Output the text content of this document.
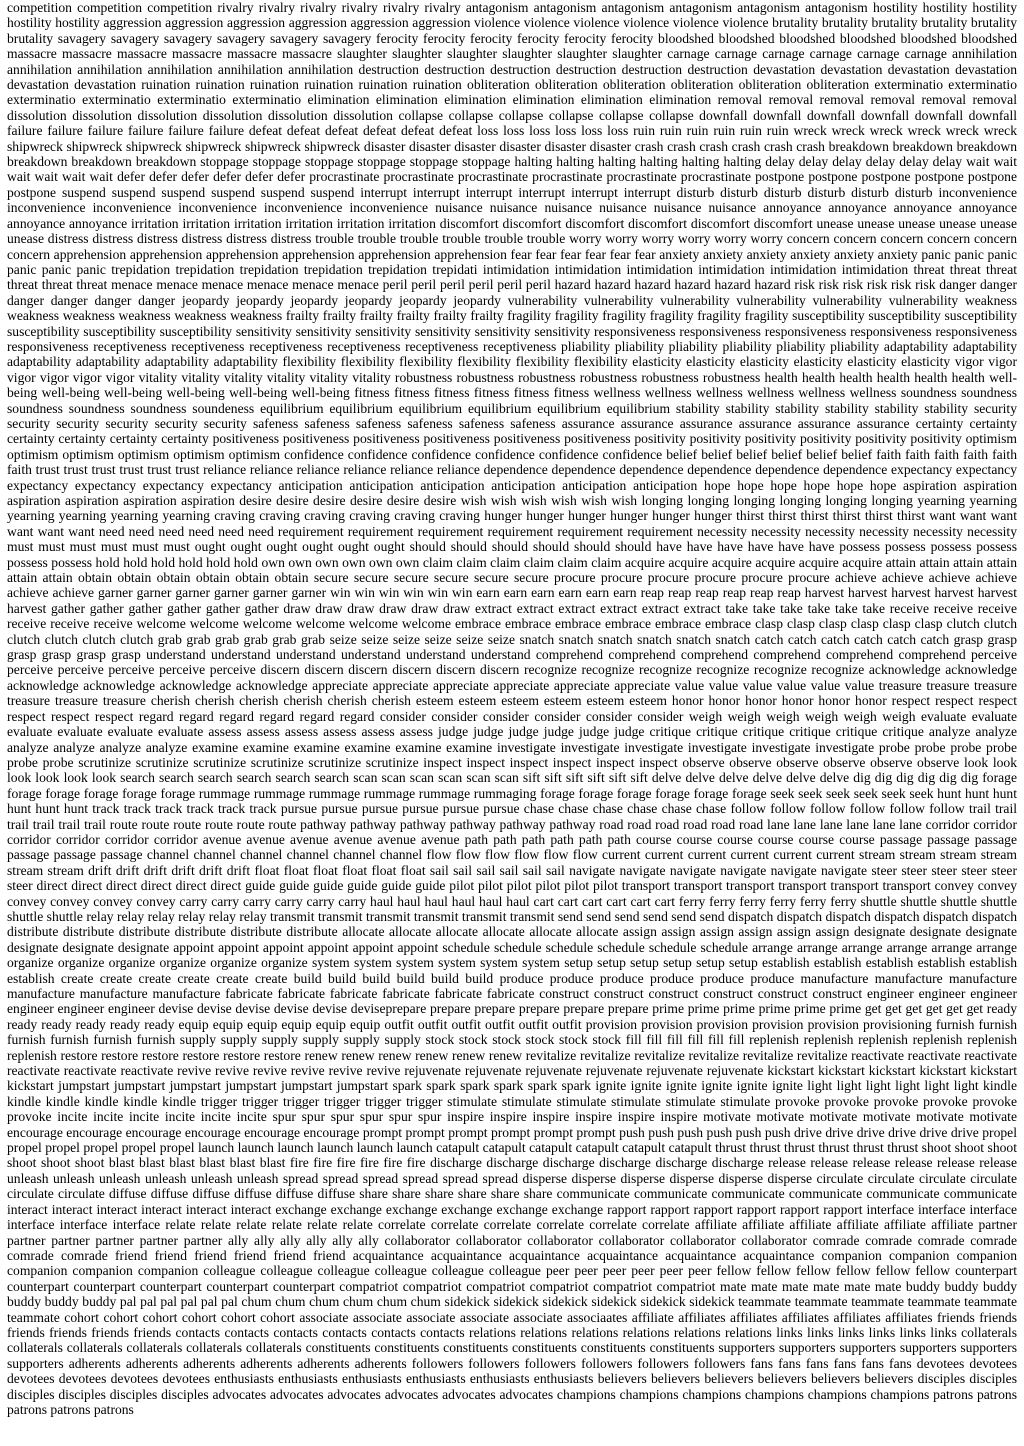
competition competition competition rivalry rivalry rivalry rivalry rivalry rivalry antagonism antagonism antagonism antagonism antagonism antagonism hostility hostility hostility hostility hostility aggression aggression aggression aggression aggression aggression violence violence violence violence violence violence brutality brutality brutality brutality brutality brutality savagery savagery savagery savagery savagery savagery ferocity ferocity ferocity ferocity ferocity ferocity bloodshed bloodshed bloodshed bloodshed bloodshed bloodshed massacre massacre massacre massacre massacre massacre slaughter slaughter slaughter slaughter slaughter slaughter carnage carnage carnage carnage carnage carnage annihilation annihilation annihilation annihilation annihilation annihilation destruction destruction destruction destruction destruction destruction devastation devastation devastation devastation devastation devastation ruination ruination ruination ruination ruination ruination obliteration obliteration obliteration obliteration obliteration obliteration exterminatio exterminatio exterminatio exterminatio exterminatio exterminatio elimination elimination elimination elimination elimination elimination removal removal removal removal removal removal dissolution dissolution dissolution dissolution dissolution dissolution collapse collapse collapse collapse collapse collapse downfall downfall downfall downfall downfall downfall failure failure failure failure failure failure defeat defeat defeat defeat defeat defeat loss loss loss loss loss loss ruin ruin ruin ruin ruin ruin wreck wreck wreck wreck wreck wreck shipwreck shipwreck shipwreck shipwreck shipwreck shipwreck disaster disaster disaster disaster disaster disaster crash crash crash crash crash crash breakdown breakdown breakdown breakdown breakdown breakdown stoppage stoppage stoppage stoppage stoppage stoppage halting halting halting halting halting halting delay delay delay delay delay delay wait wait wait wait wait wait defer defer defer defer defer defer procrastinate procrastinate procrastinate procrastinate procrastinate procrastinate postpone postpone postpone postpone postpone postpone suspend suspend suspend suspend suspend suspend interrupt interrupt interrupt interrupt interrupt interrupt disturb disturb disturb disturb disturb disturb inconvenience inconvenience inconvenience inconvenience inconvenience inconvenience nuisance nuisance nuisance nuisance nuisance nuisance annoyance annoyance annoyance annoyance annoyance annoyance irritation irritation irritation irritation irritation irritation discomfort discomfort discomfort discomfort discomfort discomfort unease unease unease unease unease unease distress distress distress distress distress distress trouble trouble trouble trouble trouble trouble worry worry worry worry worry worry concern concern concern concern concern concern apprehension apprehension apprehension apprehension apprehension apprehension fear fear fear fear fear fear anxiety anxiety anxiety anxiety anxiety anxiety panic panic panic panic panic panic trepidation trepidation trepidation trepidation trepidation trepidati intimidation intimidation intimidation intimidation intimidation intimidation threat threat threat threat threat threat menace menace menace menace menace menace peril peril peril peril peril peril hazard hazard hazard hazard hazard hazard risk risk risk risk risk risk danger danger danger danger danger danger jeopardy jeopardy jeopardy jeopardy jeopardy jeopardy vulnerability vulnerability vulnerability vulnerability vulnerability vulnerability weakness weakness weakness weakness weakness weakness frailty frailty frailty frailty frailty frailty fragility fragility fragility fragility fragility fragility susceptibility susceptibility susceptibility susceptibility susceptibility susceptibility sensitivity sensitivity sensitivity sensitivity sensitivity sensitivity responsiveness responsiveness responsiveness responsiveness responsiveness responsiveness receptiveness receptiveness receptiveness receptiveness receptiveness receptiveness pliability pliability pliability pliability pliability pliability adaptability adaptability adaptability adaptability adaptability adaptability flexibility flexibility flexibility flexibility flexibility flexibility elasticity elasticity elasticity elasticity elasticity elasticity vigor vigor vigor vigor vigor vigor vitality vitality vitality vitality vitality vitality robustness robustness robustness robustness robustness robustness health health health health health health well-being well-being well-being well-being well-being well-being fitness fitness fitness fitness fitness fitness wellness wellness wellness wellness wellness wellness soundness soundness soundness soundness soundness soundeness equilibrium equilibrium equilibrium equilibrium equilibrium equilibrium stability stability stability stability stability stability security security security security security security safeness safeness safeness safeness safeness safeness assurance assurance assurance assurance assurance assurance certainty certainty certainty certainty certainty certainty positiveness positiveness positiveness positiveness positiveness positiveness positivity positivity positivity positivity positivity positivity optimism optimism optimism optimism optimism optimism confidence confidence confidence confidence confidence confidence belief belief belief belief belief belief faith faith faith faith faith faith trust trust trust trust trust trust reliance reliance reliance reliance reliance reliance dependence dependence dependence dependence dependence dependence expectancy expectancy expectancy expectancy expectancy expectancy anticipation anticipation anticipation anticipation anticipation anticipation hope hope hope hope hope hope aspiration aspiration aspiration aspiration aspiration aspiration desire desire desire desire desire desire wish wish wish wish wish wish longing longing longing longing longing longing yearning yearning yearning yearning yearning yearning craving craving craving craving craving craving hunger hunger hunger hunger hunger hunger thirst thirst thirst thirst thirst thirst want want want want want want need need need need need need requirement requirement requirement requirement requirement requirement necessity necessity necessity necessity necessity necessity must must must must must must ought ought ought ought ought ought should should should should should should have have have have have have possess possess possess possess possess possess hold hold hold hold hold hold own own own own own own claim claim claim claim claim claim acquire acquire acquire acquire acquire acquire attain attain attain attain attain attain obtain obtain obtain obtain obtain obtain secure secure secure secure secure secure procure procure procure procure procure procure achieve achieve achieve achieve achieve achieve garner garner garner garner garner garner win win win win win win earn earn earn earn earn earn reap reap reap reap reap reap harvest harvest harvest harvest harvest harvest gather gather gather gather gather gather draw draw draw draw draw draw extract extract extract extract extract extract take take take take take take receive receive receive receive receive receive welcome welcome welcome welcome welcome welcome embrace embrace embrace embrace embrace embrace clasp clasp clasp clasp clasp clasp clutch clutch clutch clutch clutch clutch grab grab grab grab grab grab seize seize seize seize seize seize snatch snatch snatch snatch snatch snatch catch catch catch catch catch catch grasp grasp grasp grasp grasp grasp understand understand understand understand understand understand comprehend comprehend comprehend comprehend comprehend comprehend perceive perceive perceive perceive perceive perceive discern discern discern discern discern discern recognize recognize recognize recognize recognize recognize acknowledge acknowledge acknowledge acknowledge acknowledge acknowledge appreciate appreciate appreciate appreciate appreciate appreciate value value value value value value treasure treasure treasure treasure treasure treasure cherish cherish cherish cherish cherish cherish esteem esteem esteem esteem esteem esteem honor honor honor honor honor honor respect respect respect respect respect respect regard regard regard regard regard regard consider consider consider consider consider consider weigh weigh weigh weigh weigh weigh evaluate evaluate evaluate evaluate evaluate evaluate assess assess assess assess assess assess judge judge judge judge judge judge critique critique critique critique critique critique analyze analyze analyze analyze analyze analyze examine examine examine examine examine examine investigate investigate investigate investigate investigate investigate probe probe probe probe probe probe scrutinize scrutinize scrutinize scrutinize scrutinize scrutinize inspect inspect inspect inspect inspect inspect observe observe observe observe observe observe look look look look look look search search search search search search scan scan scan scan scan scan sift sift sift sift sift sift delve delve delve delve delve delve dig dig dig dig dig dig forage forage forage forage forage forage rummage rummage rummage rummage rummage rummaging forage forage forage forage forage forage seek seek seek seek seek seek hunt hunt hunt hunt hunt hunt track track track track track track pursue pursue pursue pursue pursue pursue chase chase chase chase chase chase follow follow follow follow follow follow trail trail trail trail trail trail route route route route route route pathway pathway pathway pathway pathway pathway road road road road road road lane lane lane lane lane lane corridor corridor corridor corridor corridor corridor avenue avenue avenue avenue avenue avenue path path path path path path course course course course course course passage passage passage passage passage passage channel channel channel channel channel channel flow flow flow flow flow flow current current current current current current stream stream stream stream stream stream drift drift drift drift drift drift float float float float float float sail sail sail sail sail sail navigate navigate navigate navigate navigate navigate steer steer steer steer steer steer direct direct direct direct direct direct guide guide guide guide guide guide pilot pilot pilot pilot pilot pilot transport transport transport transport transport transport convey convey convey convey convey convey carry carry carry carry carry carry haul haul haul haul haul haul cart cart cart cart cart cart ferry ferry ferry ferry ferry ferry shuttle shuttle shuttle shuttle shuttle shuttle relay relay relay relay relay relay transmit transmit transmit transmit transmit transmit send send send send send send dispatch dispatch dispatch dispatch dispatch dispatch distribute distribute distribute distribute distribute distribute allocate allocate allocate allocate allocate allocate assign assign assign assign assign assign designate designate designate designate designate designate appoint appoint appoint appoint appoint appoint schedule schedule schedule schedule schedule schedule arrange arrange arrange arrange arrange arrange organize organize organize organize organize organize system system system system system system setup setup setup setup setup setup establish establish establish establish establish establish create create create create create create build build build build build build produce produce produce produce produce produce manufacture manufacture manufacture manufacture manufacture manufacture fabricate fabricate fabricate fabricate fabricate fabricate construct construct construct construct construct construct engineer engineer engineer engineer engineer engineer devise devise devise devise devise deviseprepare prepare prepare prepare prepare prepare prime prime prime prime prime prime get get get get get get ready ready ready ready ready ready equip equip equip equip equip equip outfit outfit outfit outfit outfit outfit provision provision provision provision provision provisioning furnish furnish furnish furnish furnish furnish supply supply supply supply supply supply stock stock stock stock stock stock fill fill fill fill fill fill replenish replenish replenish replenish replenish replenish restore restore restore restore restore restore renew renew renew renew renew renew revitalize revitalize revitalize revitalize revitalize revitalize reactivate reactivate reactivate reactivate reactivate reactivate revive revive revive revive revive revive rejuvenate rejuvenate rejuvenate rejuvenate rejuvenate rejuvenate kickstart kickstart kickstart kickstart kickstart kickstart jumpstart jumpstart jumpstart jumpstart jumpstart jumpstart spark spark spark spark spark spark ignite ignite ignite ignite ignite ignite light light light light light light kindle kindle kindle kindle kindle kindle trigger trigger trigger trigger trigger trigger stimulate stimulate stimulate stimulate stimulate stimulate provoke provoke provoke provoke provoke provoke incite incite incite incite incite incite spur spur spur spur spur spur inspire inspire inspire inspire inspire inspire motivate motivate motivate motivate motivate motivate encourage encourage encourage encourage encourage encourage prompt prompt prompt prompt prompt prompt push push push push push push drive drive drive drive drive drive propel propel propel propel propel propel launch launch launch launch launch launch catapult catapult catapult catapult catapult catapult thrust thrust thrust thrust thrust thrust shoot shoot shoot shoot shoot shoot blast blast blast blast blast blast fire fire fire fire fire fire discharge discharge discharge discharge discharge discharge release release release release release release unleash unleash unleash unleash unleash unleash spread spread spread spread spread spread disperse disperse disperse disperse disperse disperse circulate circulate circulate circulate circulate circulate diffuse diffuse diffuse diffuse diffuse diffuse share share share share share share communicate communicate communicate communicate communicate communicate interact interact interact interact interact interact exchange exchange exchange exchange exchange exchange rapport rapport rapport rapport rapport rapport interface interface interface interface interface interface relate relate relate relate relate relate correlate correlate correlate correlate correlate correlate affiliate affiliate affiliate affiliate affiliate affiliate partner partner partner partner partner partner ally ally ally ally ally ally collaborator collaborator collaborator collaborator collaborator collaborator comrade comrade comrade comrade comrade comrade friend friend friend friend friend friend acquaintance acquaintance acquaintance acquaintance acquaintance acquaintance companion companion companion companion companion companion colleague colleague colleague colleague colleague colleague peer peer peer peer peer peer fellow fellow fellow fellow fellow fellow counterpart counterpart counterpart counterpart counterpart counterpart compatriot compatriot compatriot compatriot compatriot compatriot mate mate mate mate mate mate buddy buddy buddy buddy buddy buddy pal pal pal pal pal pal chum chum chum chum chum chum sidekick sidekick sidekick sidekick sidekick sidekick teammate teammate teammate teammate teammate teammate cohort cohort cohort cohort cohort cohort associate associate associate associate associate associaates affiliate affiliates affiliates affiliates affiliates affiliates friends friends friends friends friends friends contacts contacts contacts contacts contacts contacts relations relations relations relations relations relations links links links links links links collaterals collaterals collaterals collaterals collaterals collaterals constituents constituents constituents constituents constituents constituents supporters supporters supporters supporters supporters supporters adherents adherents adherents adherents adherents adherents followers followers followers followers followers followers fans fans fans fans fans fans devotees devotees devotees devotees devotees devotees enthusiasts enthusiasts enthusiasts enthusiasts enthusiasts enthusiasts believers believers believers believers believers believers disciples disciples disciples disciples disciples disciples advocates advocates advocates advocates advocates advocates champions champions champions champions champions champions patrons patrons patrons patrons patrons
